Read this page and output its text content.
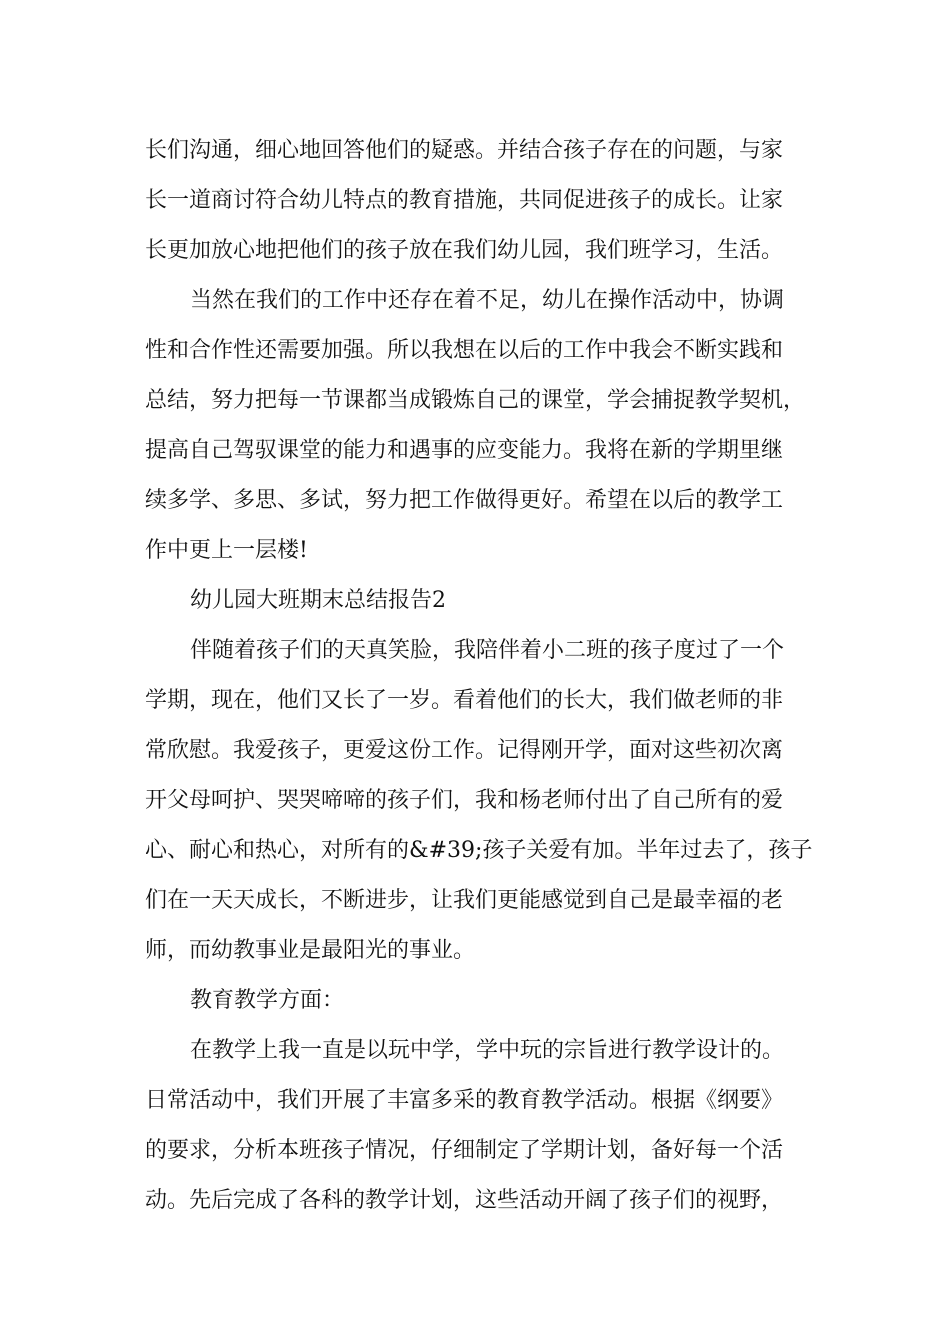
长们沟通，细心地回答他们的疑惑。并结合孩子存在的问题，与家
长一道商讨符合幼儿特点的教育措施，共同促进孩子的成长。让家
长更加放心地把他们的孩子放在我们幼儿园，我们班学习，生活。
当然在我们的工作中还存在着不足，幼儿在操作活动中，协调
性和合作性还需要加强。所以我想在以后的工作中我会不断实践和
总结，努力把每一节课都当成锻炼自己的课堂，学会捕捉教学契机，
提高自己驾驭课堂的能力和遇事的应变能力。我将在新的学期里继
续多学、多思、多试，努力把工作做得更好。希望在以后的教学工
作中更上一层楼!
幼儿园大班期末总结报告2
伴随着孩子们的天真笑脸，我陪伴着小二班的孩子度过了一个
学期，现在，他们又长了一岁。看着他们的长大，我们做老师的非
常欣慰。我爱孩子，更爱这份工作。记得刚开学，面对这些初次离
开父母呵护、哭哭啼啼的孩子们，我和杨老师付出了自己所有的爱
心、耐心和热心，对所有的&#39;孩子关爱有加。半年过去了，孩子
们在一天天成长，不断进步，让我们更能感觉到自己是最幸福的老
师，而幼教事业是最阳光的事业。
教育教学方面：
在教学上我一直是以玩中学，学中玩的宗旨进行教学设计的。
日常活动中，我们开展了丰富多采的教育教学活动。根据《纲要》
的要求，分析本班孩子情况，仔细制定了学期计划，备好每一个活
动。先后完成了各科的教学计划，这些活动开阔了孩子们的视野，
